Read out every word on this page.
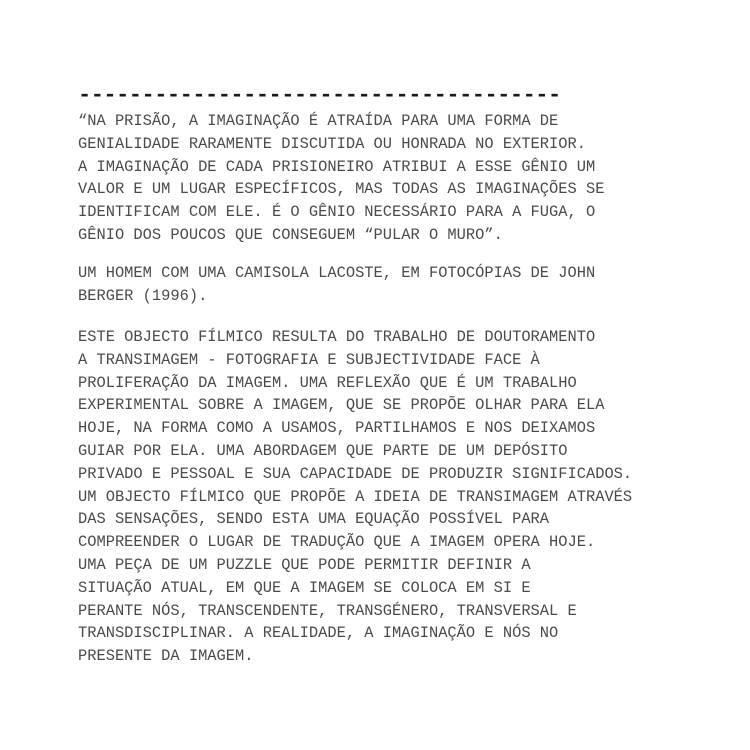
--------------------------------------
“NA PRISÃO, A IMAGINAÇÃO É ATRAÍDA PARA UMA FORMA DE
GENIALIDADE RARAMENTE DISCUTIDA OU HONRADA NO EXTERIOR.
A IMAGINAÇÃO DE CADA PRISIONEIRO ATRIBUI A ESSE GÊNIO UM
VALOR E UM LUGAR ESPECÍFICOS, MAS TODAS AS IMAGINAÇÕES SE
IDENTIFICAM COM ELE. É O GÊNIO NECESSÁRIO PARA A FUGA, O
GÊNIO DOS POUCOS QUE CONSEGUEM “PULAR O MURO”.
UM HOMEM COM UMA CAMISOLA LACOSTE, EM FOTOCÓPIAS DE JOHN
BERGER (1996).
ESTE OBJECTO FÍLMICO RESULTA DO TRABALHO DE DOUTORAMENTO
A TRANSIMAGEM - FOTOGRAFIA E SUBJECTIVIDADE FACE À
PROLIFERAÇÃO DA IMAGEM. UMA REFLEXÃO QUE É UM TRABALHO
EXPERIMENTAL SOBRE A IMAGEM, QUE SE PROPÕE OLHAR PARA ELA
HOJE, NA FORMA COMO A USAMOS, PARTILHAMOS E NOS DEIXAMOS
GUIAR POR ELA. UMA ABORDAGEM QUE PARTE DE UM DEPÓSITO
PRIVADO E PESSOAL E SUA CAPACIDADE DE PRODUZIR SIGNIFICADOS.
UM OBJECTO FÍLMICO QUE PROPÕE A IDEIA DE TRANSIMAGEM ATRAVÉS
DAS SENSAÇÕES, SENDO ESTA UMA EQUAÇÃO POSSÍVEL PARA
COMPREENDER O LUGAR DE TRADUÇÃO QUE A IMAGEM OPERA HOJE.
UMA PEÇA DE UM PUZZLE QUE PODE PERMITIR DEFINIR A
SITUAÇÃO ATUAL, EM QUE A IMAGEM SE COLOCA EM SI E
PERANTE NÓS, TRANSCENDENTE, TRANSGÉNERO, TRANSVERSAL E
TRANSDISCIPLINAR. A REALIDADE, A IMAGINAÇÃO E NÓS NO
PRESENTE DA IMAGEM.
